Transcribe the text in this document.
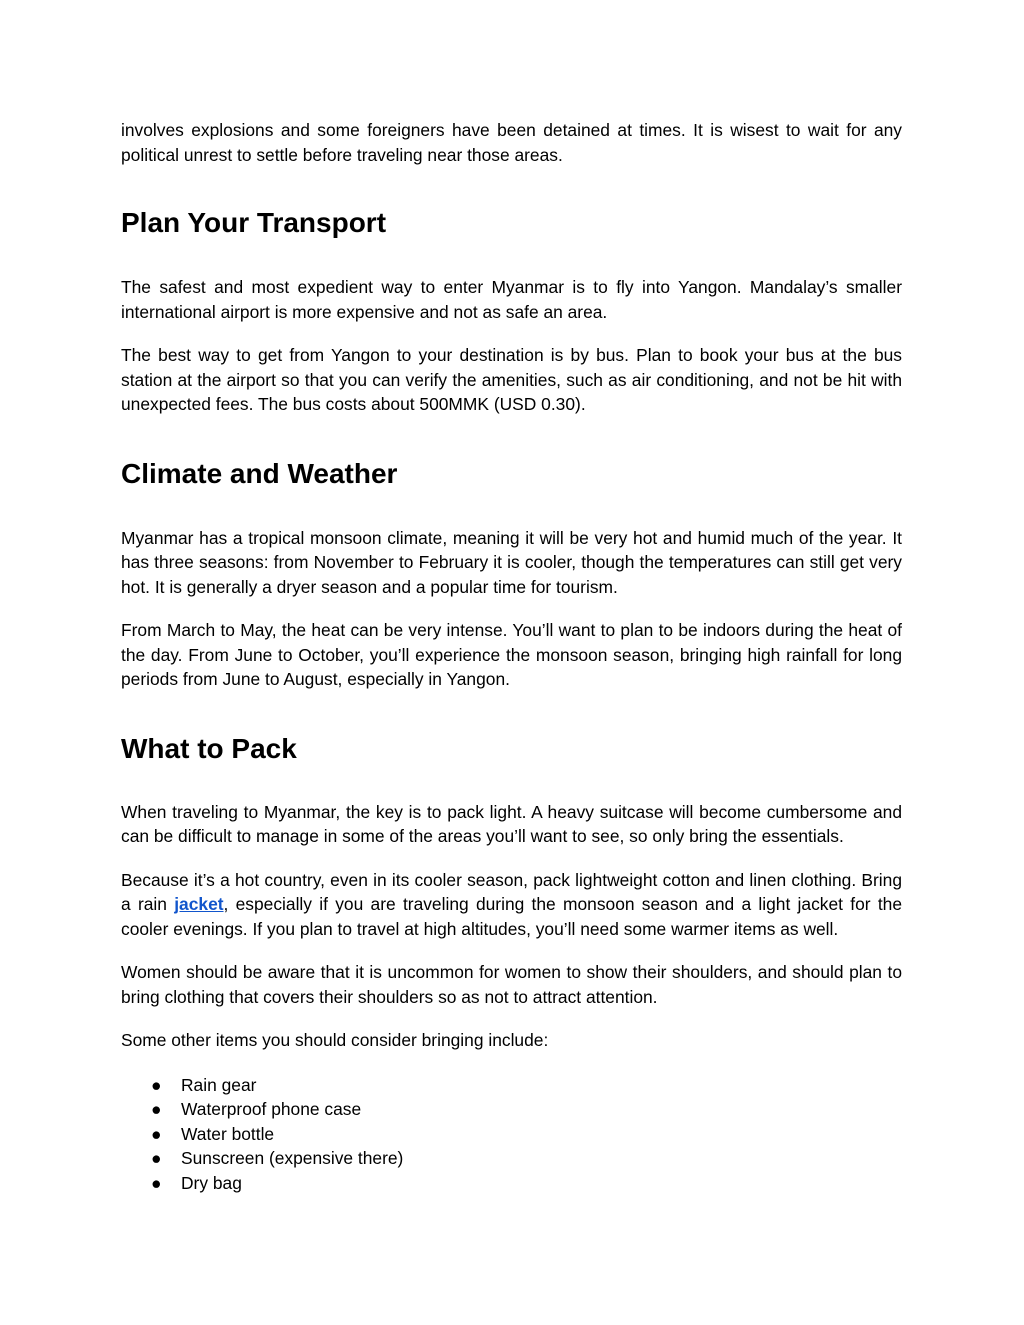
involves explosions and some foreigners have been detained at times. It is wisest to wait for any political unrest to settle before traveling near those areas.

Plan Your Transport

The safest and most expedient way to enter Myanmar is to fly into Yangon. Mandalay’s smaller international airport is more expensive and not as safe an area.

The best way to get from Yangon to your destination is by bus. Plan to book your bus at the bus station at the airport so that you can verify the amenities, such as air conditioning, and not be hit with unexpected fees. The bus costs about 500MMK (USD 0.30).

Climate and Weather

Myanmar has a tropical monsoon climate, meaning it will be very hot and humid much of the year. It has three seasons: from November to February it is cooler, though the temperatures can still get very hot. It is generally a dryer season and a popular time for tourism.

From March to May, the heat can be very intense. You’ll want to plan to be indoors during the heat of the day. From June to October, you’ll experience the monsoon season, bringing high rainfall for long periods from June to August, especially in Yangon.

What to Pack

When traveling to Myanmar, the key is to pack light. A heavy suitcase will become cumbersome and can be difficult to manage in some of the areas you’ll want to see, so only bring the essentials.

Because it’s a hot country, even in its cooler season, pack lightweight cotton and linen clothing. Bring a rain jacket, especially if you are traveling during the monsoon season and a light jacket for the cooler evenings. If you plan to travel at high altitudes, you’ll need some warmer items as well.

Women should be aware that it is uncommon for women to show their shoulders, and should plan to bring clothing that covers their shoulders so as not to attract attention.

Some other items you should consider bringing include:

● Rain gear
● Waterproof phone case
● Water bottle
● Sunscreen (expensive there)
● Dry bag
